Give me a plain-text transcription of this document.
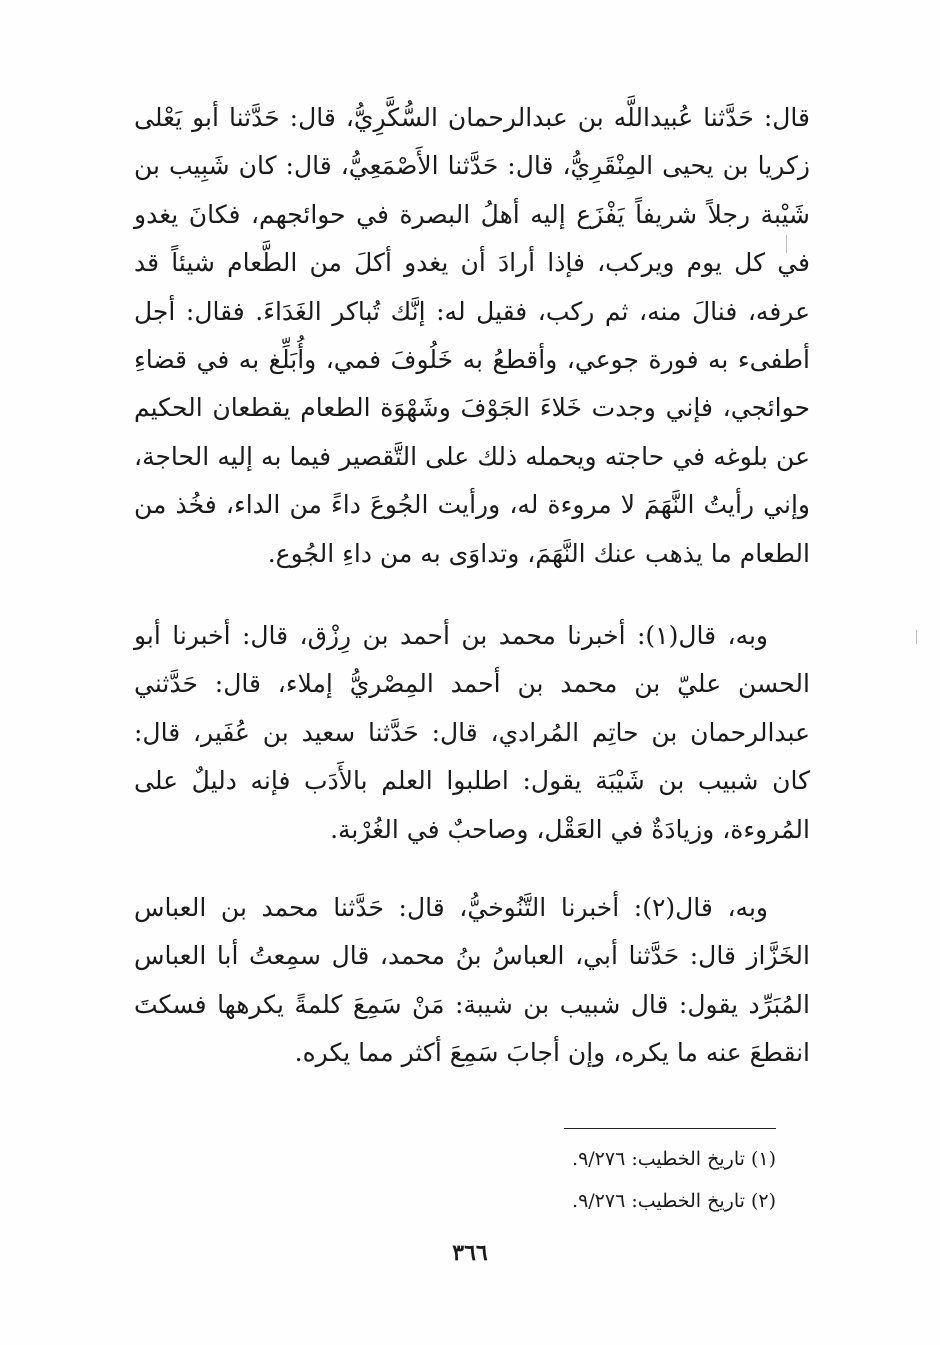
قال: حَدَّثنا عُبيداللَّه بن عبدالرحمان السُّكَّرِيُّ، قال: حَدَّثنا أبو يَعْلى زكريا بن يحيى المِنْقَرِيُّ، قال: حَدَّثنا الأَصْمَعِيُّ، قال: كان شَبِيب بن شَيْبة رجلاً شريفاً يَفْزَع إليه أهلُ البصرة في حوائجهم، فكانَ يغدو في كل يوم ويركب، فإذا أرادَ أن يغدو أكلَ من الطَّعام شيئاً قد عرفه، فنالَ منه، ثم ركب، فقيل له: إنَّك تُباكر الغَدَاءَ. فقال: أجل أطفىء به فورة جوعي، وأقطعُ به خَلُوفَ فمي، وأُبَلِّغ به في قضاءِ حوائجي، فإني وجدت خَلاءَ الجَوْفَ وشَهْوَة الطعام يقطعان الحكيم عن بلوغه في حاجته ويحمله ذلك على التَّقصير فيما به إليه الحاجة، وإني رأيتُ النَّهَمَ لا مروءة له، ورأيت الجُوعَ داءً من الداء، فخُذ من الطعام ما يذهب عنك النَّهَمَ، وتداوَى به من داءِ الجُوع.

وبه، قال(١): أخبرنا محمد بن أحمد بن رِزْق، قال: أخبرنا أبو الحسن عليّ بن محمد بن أحمد المِصْريُّ إملاء، قال: حَدَّثني عبدالرحمان بن حاتِم المُرادي، قال: حَدَّثنا سعيد بن عُفَير، قال: كان شبيب بن شَيْبَة يقول: اطلبوا العلم بالأَدَب فإنه دليلٌ على المُروءة، وزيادَةٌ في العَقْل، وصاحبٌ في الغُرْبة.

وبه، قال(٢): أخبرنا التَّنُوخيُّ، قال: حَدَّثنا محمد بن العباس الخَزَّاز قال: حَدَّثنا أبي، العباسُ بنُ محمد، قال سمِعتُ أبا العباس المُبَرِّد يقول: قال شبيب بن شيبة: مَنْ سَمِعَ كلمةً يكرهها فسكتَ انقطعَ عنه ما يكره، وإن أجابَ سَمِعَ أكثر مما يكره.

(١) تاريخ الخطيب: ٩/٢٧٦.

(٢) تاريخ الخطيب: ٩/٢٧٦.

٣٦٦
